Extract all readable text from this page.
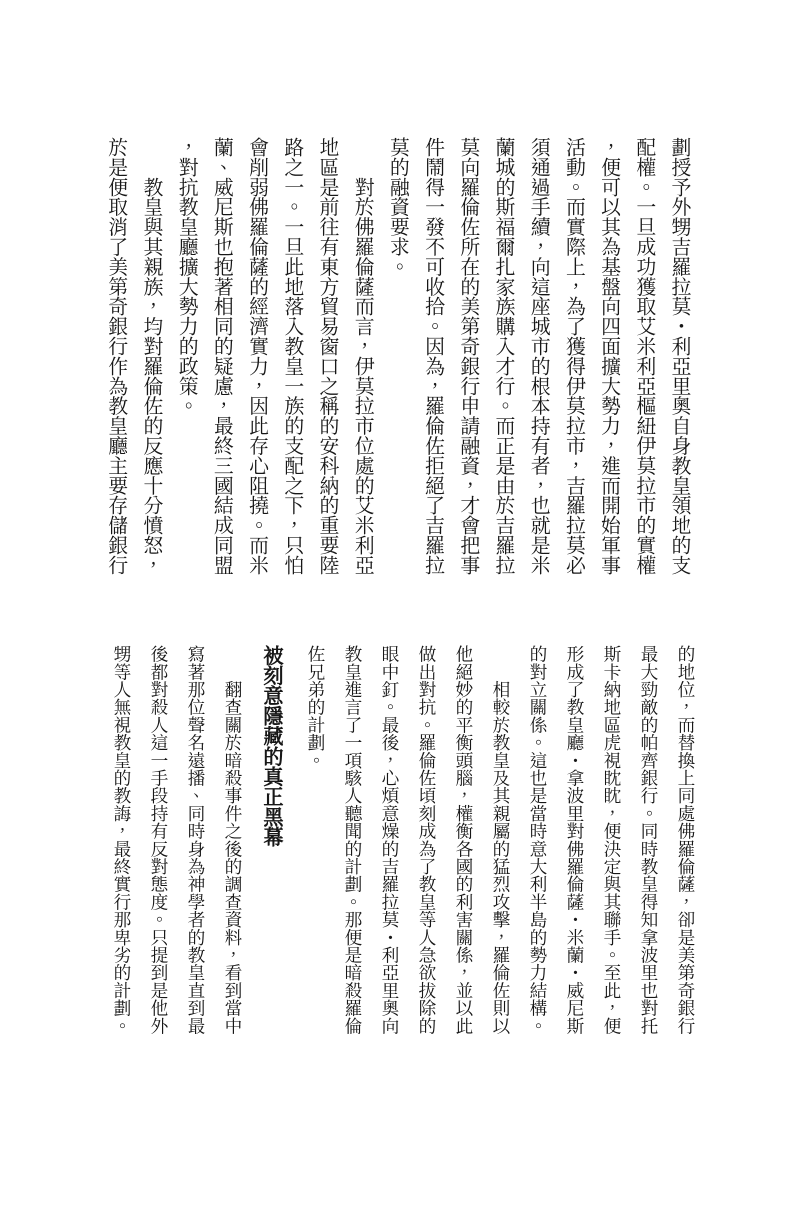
劃授予外甥吉羅拉莫・利亞里奧自身教皇領地的支
配權。一旦成功獲取艾米利亞樞紐伊莫拉市的實權
，便可以其為基盤向四面擴大勢力，進而開始軍事
活動。而實際上，為了獲得伊莫拉市，吉羅拉莫必
須通過手續，向這座城市的根本持有者，也就是米
蘭城的斯福爾扎家族購入才行。而正是由於吉羅拉
莫向羅倫佐所在的美第奇銀行申請融資，才會把事
件鬧得一發不可收拾。因為，羅倫佐拒絕了吉羅拉
莫的融資要求。
　　對於佛羅倫薩而言，伊莫拉市位處的艾米利亞
地區是前往有東方貿易窗口之稱的安科納的重要陸
路之一。一旦此地落入教皇一族的支配之下，只怕
會削弱佛羅倫薩的經濟實力，因此存心阻撓。而米
蘭、威尼斯也抱著相同的疑慮，最終三國結成同盟
，對抗教皇廳擴大勢力的政策。
　　教皇與其親族，均對羅倫佐的反應十分憤怒，
於是便取消了美第奇銀行作為教皇廳主要存儲銀行
的地位，而替換上同處佛羅倫薩，卻是美第奇銀行
最大勁敵的帕齊銀行。同時教皇得知拿波里也對托
斯卡納地區虎視眈眈，便決定與其聯手。至此，便
形成了教皇廳・拿波里對佛羅倫薩・米蘭・威尼斯
的對立關係。這也是當時意大利半島的勢力結構。
　　相較於教皇及其親屬的猛烈攻擊，羅倫佐則以
他絕妙的平衡頭腦，權衡各國的利害關係，並以此
做出對抗。羅倫佐頃刻成為了教皇等人急欲拔除的
眼中釘。最後，心煩意燥的吉羅拉莫・利亞里奧向
教皇進言了一項駭人聽聞的計劃。那便是暗殺羅倫
佐兄弟的計劃。
被刻意隱藏的真正黑幕
　　翻查關於暗殺事件之後的調查資料，看到當中
寫著那位聲名遠播、同時身為神學者的教皇直到最
後都對殺人這一手段持有反對態度。只提到是他外
甥等人無視教皇的教誨，最終實行那卑劣的計劃。
